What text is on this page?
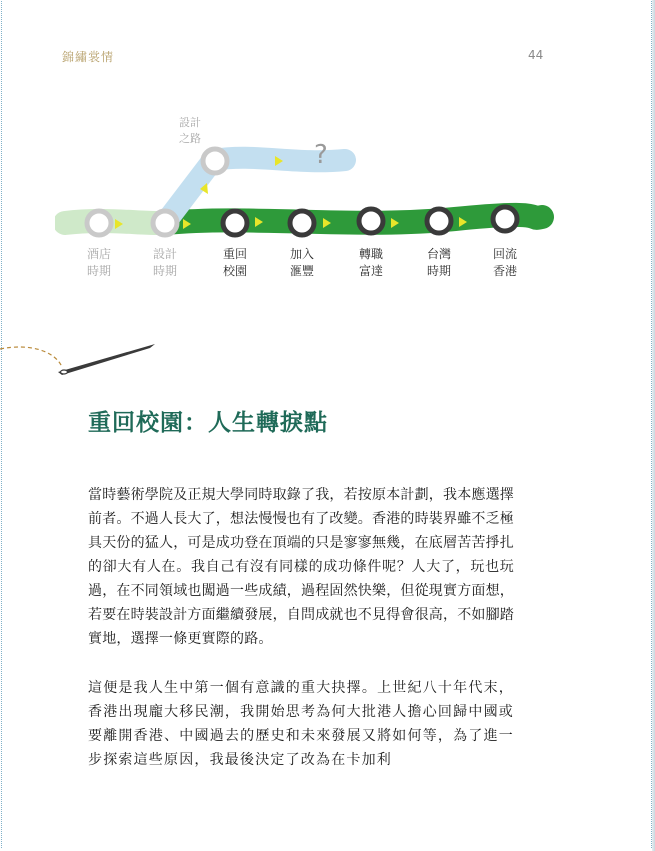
錦繡裳情	44
設計
之路
?
酒店
時期
設計
時期
重回
校園
加入
滙豐
轉職
富達
台灣
時期
回流
香港
重回校園：人生轉捩點

當時藝術學院及正規大學同時取錄了我，若按原本計劃，我本應選擇前者。不過人長大了，想法慢慢也有了改變。香港的時裝界雖不乏極具天份的猛人，可是成功登在頂端的只是寥寥無幾，在底層苦苦掙扎的卻大有人在。我自己有沒有同樣的成功條件呢？人大了，玩也玩過，在不同領域也闖過一些成績，過程固然快樂，但從現實方面想，若要在時裝設計方面繼續發展，自問成就也不見得會很高，不如腳踏實地，選擇一條更實際的路。

這便是我人生中第一個有意識的重大抉擇。上世紀八十年代末，香港出現龐大移民潮，我開始思考為何大批港人擔心回歸中國或要離開香港、中國過去的歷史和未來發展又將如何等，為了進一步探索這些原因，我最後決定了改為在卡加利
